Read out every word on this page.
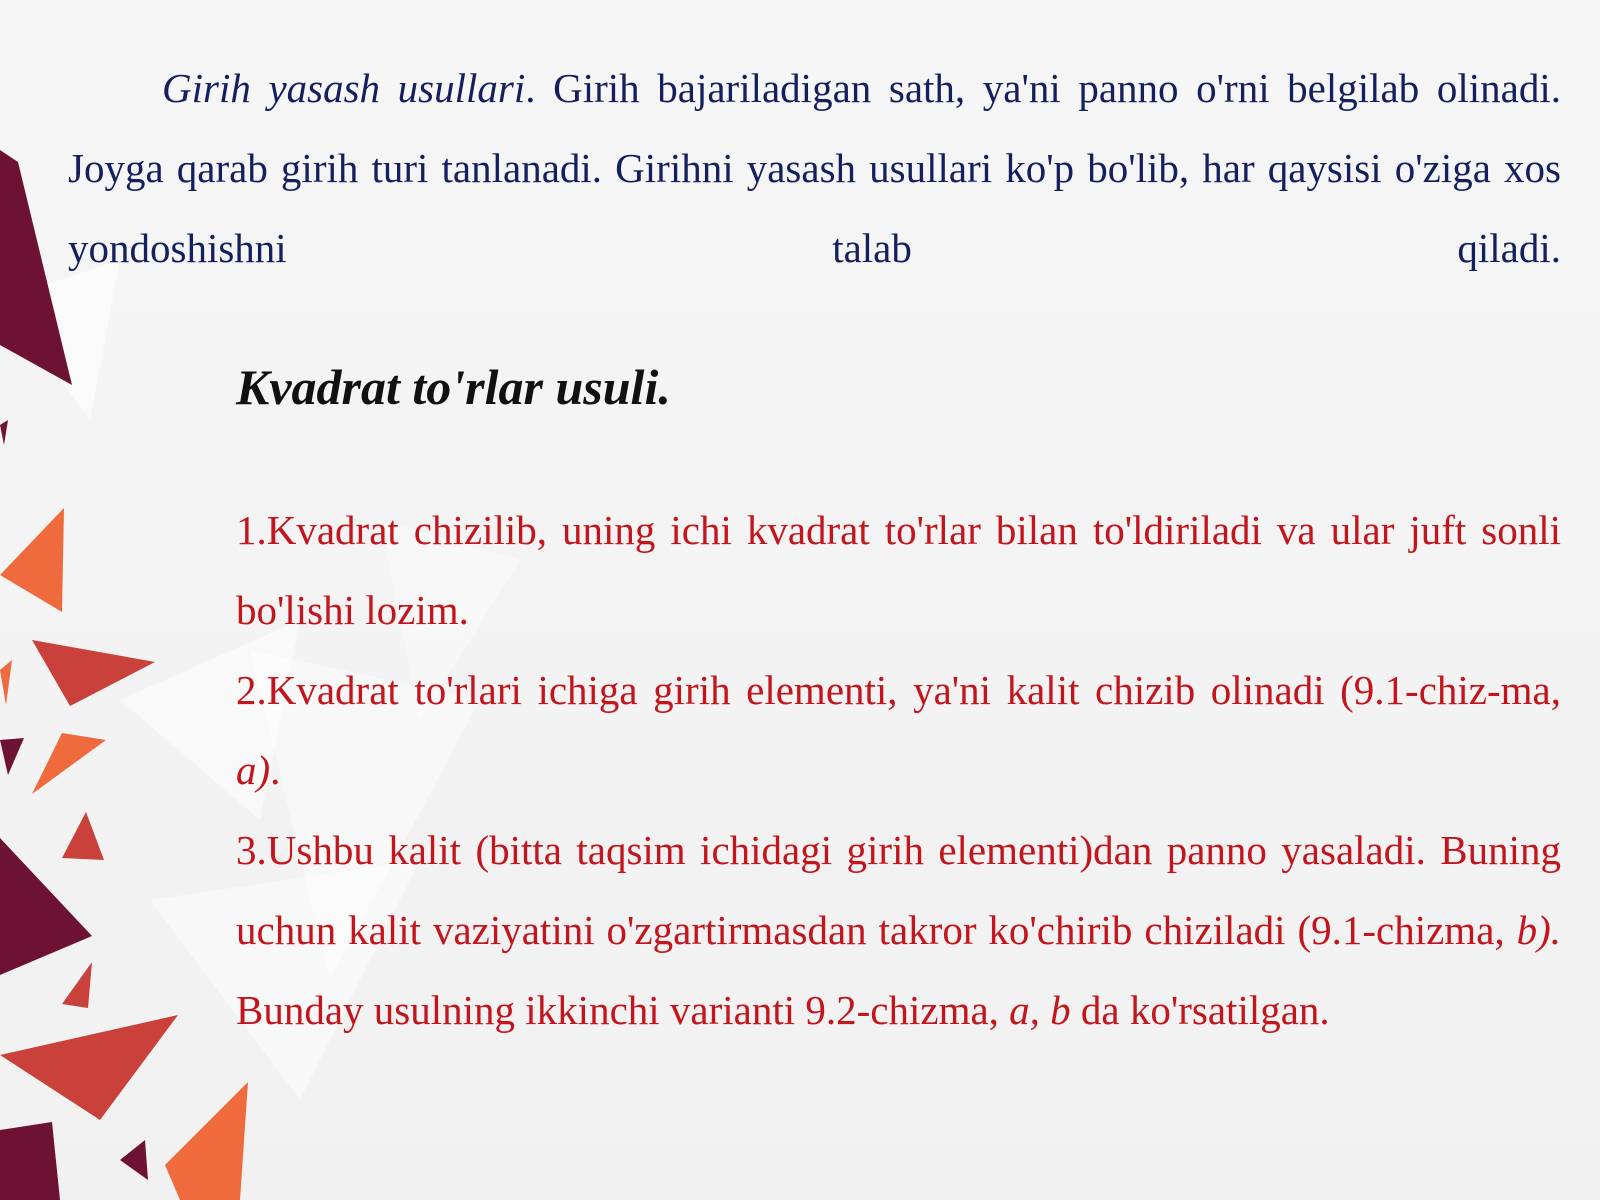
Girih yasash usullari. Girih bajariladigan sath, ya'ni panno o'rni belgilab olinadi. Joyga qarab girih turi tanlanadi. Girihni yasash usullari ko'p bo'lib, har qaysisi o'ziga xos yondoshishni talab qiladi.

Kvadrat to'rlar usuli.

1.Kvadrat chizilib, uning ichi kvadrat to'rlar bilan to'ldiriladi va ular juft sonli bo'lishi lozim.

2.Kvadrat to'rlari ichiga girih elementi, ya'ni kalit chizib olinadi (9.1-chiz-ma, a).

3.Ushbu kalit (bitta taqsim ichidagi girih elementi)dan panno yasaladi. Buning uchun kalit vaziyatini o'zgartirmasdan takror ko'chirib chiziladi (9.1-chizma, b). Bunday usulning ikkinchi varianti 9.2-chizma, a, b da ko'rsatilgan.
